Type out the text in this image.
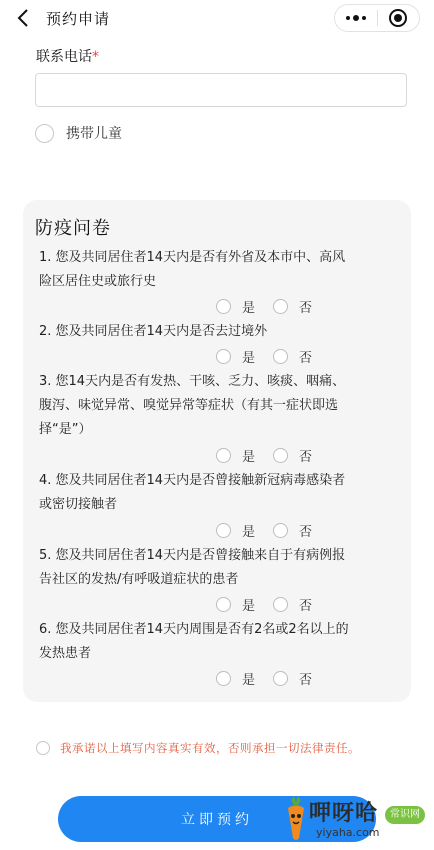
预约申请
联系电话*
携带儿童
防疫问卷
1. 您及共同居住者14天内是否有外省及本市中、高风
险区居住史或旅行史
是	否
2. 您及共同居住者14天内是否去过境外
是	否
3. 您14天内是否有发热、干咳、乏力、咳痰、咽痛、
腹泻、味觉异常、嗅觉异常等症状（有其一症状即选
择“是”）
是	否
4. 您及共同居住者14天内是否曾接触新冠病毒感染者
或密切接触者
是	否
5. 您及共同居住者14天内是否曾接触来自于有病例报
告社区的发热/有呼吸道症状的患者
是	否
6. 您及共同居住者14天内周围是否有2名或2名以上的
发热患者
是	否
我承诺以上填写内容真实有效，否则承担一切法律责任。
立即预约	呷呀哈	常识网
yiyaha.com
